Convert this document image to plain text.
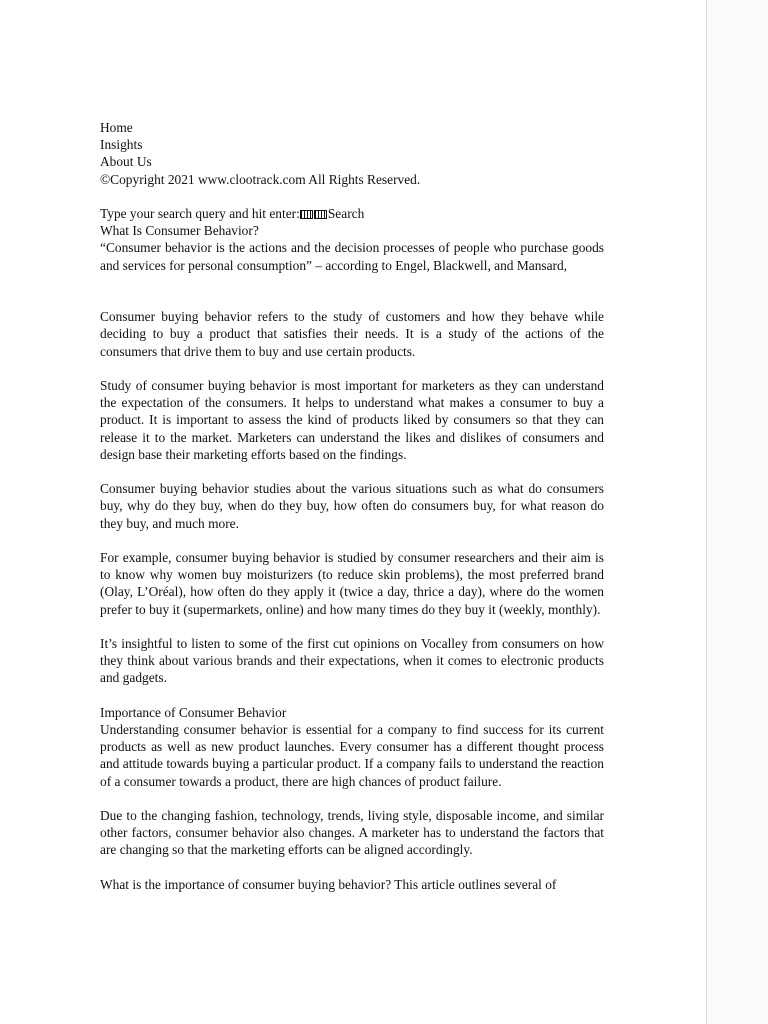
Home

Insights

About Us

©Copyright 2021 www.clootrack.com All Rights Reserved.

Type your search query and hit enter: Search

What Is Consumer Behavior?

“Consumer behavior is the actions and the decision processes of people who purchase goods and services for personal consumption” – according to Engel, Blackwell, and Mansard,

Consumer buying behavior refers to the study of customers and how they behave while deciding to buy a product that satisfies their needs. It is a study of the actions of the consumers that drive them to buy and use certain products.

Study of consumer buying behavior is most important for marketers as they can understand the expectation of the consumers. It helps to understand what makes a consumer to buy a product. It is important to assess the kind of products liked by consumers so that they can release it to the market. Marketers can understand the likes and dislikes of consumers and design base their marketing efforts based on the findings.

Consumer buying behavior studies about the various situations such as what do consumers buy, why do they buy, when do they buy, how often do consumers buy, for what reason do they buy, and much more.

For example, consumer buying behavior is studied by consumer researchers and their aim is to know why women buy moisturizers (to reduce skin problems), the most preferred brand (Olay, L’Oréal), how often do they apply it (twice a day, thrice a day), where do the women prefer to buy it (supermarkets, online) and how many times do they buy it (weekly, monthly).

It’s insightful to listen to some of the first cut opinions on Vocalley from consumers on how they think about various brands and their expectations, when it comes to electronic products and gadgets.

Importance of Consumer Behavior

Understanding consumer behavior is essential for a company to find success for its current products as well as new product launches. Every consumer has a different thought process and attitude towards buying a particular product. If a company fails to understand the reaction of a consumer towards a product, there are high chances of product failure.

Due to the changing fashion, technology, trends, living style, disposable income, and similar other factors, consumer behavior also changes. A marketer has to understand the factors that are changing so that the marketing efforts can be aligned accordingly.

What is the importance of consumer buying behavior? This article outlines several of
